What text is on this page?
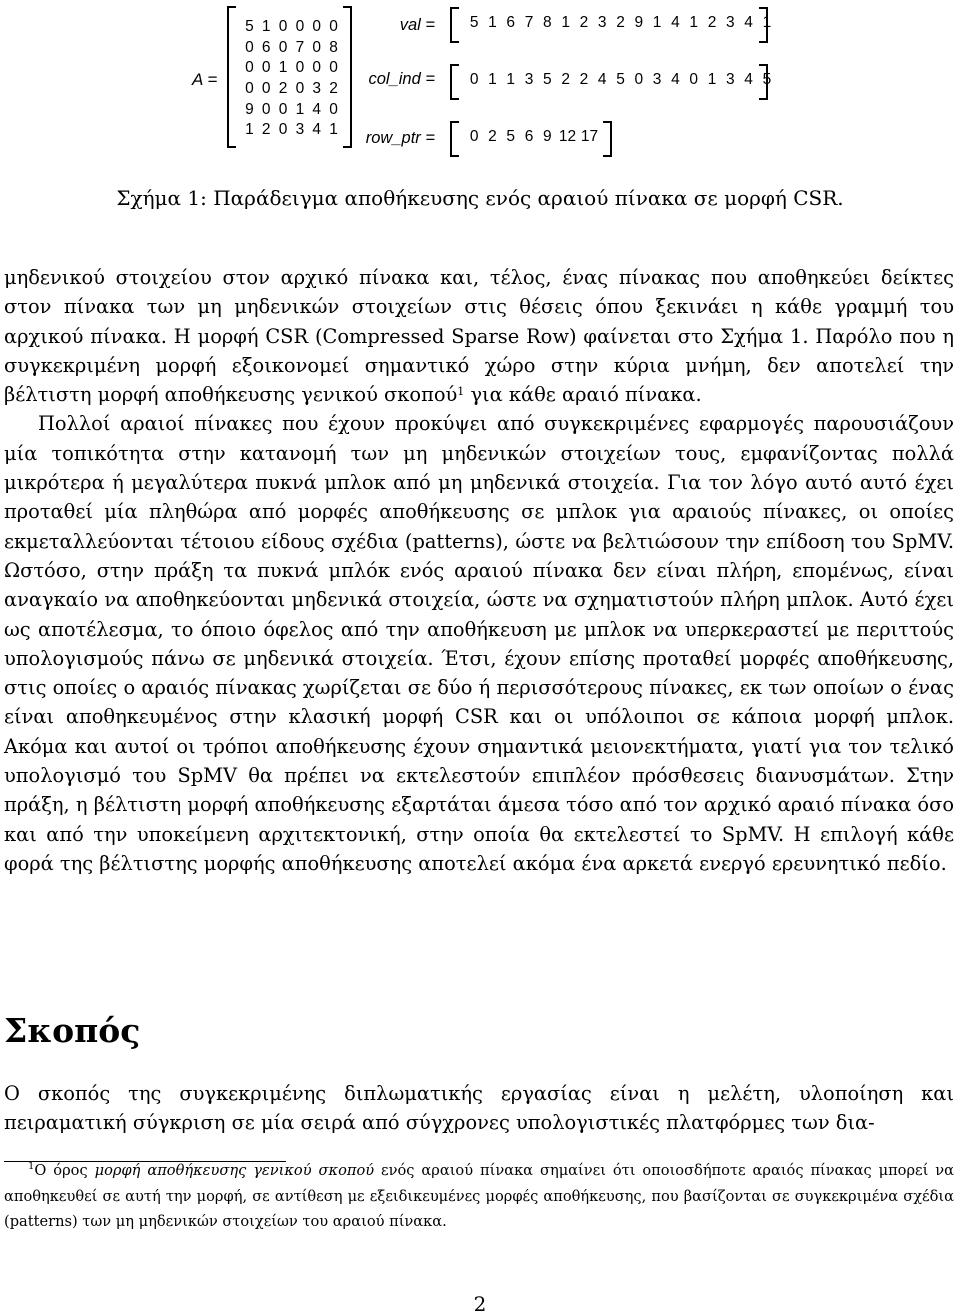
A =
5 1 0 0 0 0
0 6 0 7 0 8
0 0 1 0 0 0
0 0 2 0 3 2
9 0 0 1 4 0
1 2 0 3 4 1
val =	5 1 6 7 8 1 2 3 2 9 1 4 1 2 3 4 1
col_ind =	0 1 1 3 5 2 2 4 5 0 3 4 0 1 3 4 5
row_ptr =	0 2 5 6 9 12 17
Σχήμα 1: Παράδειγμα αποθήκευσης ενός αραιού πίνακα σε μορφή CSR.

μηδενικού στοιχείου στον αρχικό πίνακα και, τέλος, ένας πίνακας που αποθηκεύει δείκτες στον πίνακα των μη μηδενικών στοιχείων στις θέσεις όπου ξεκινάει η κάθε γραμμή του αρχικού πίνακα. Η μορφή CSR (Compressed Sparse Row) φαίνεται στο Σχήμα 1. Παρόλο που η συγκεκριμένη μορφή εξοικονομεί σημαντικό χώρο στην κύρια μνήμη, δεν αποτελεί την βέλτιστη μορφή αποθήκευσης γενικού σκοπού$^1$ για κάθε αραιό πίνακα.

Πολλοί αραιοί πίνακες που έχουν προκύψει από συγκεκριμένες εφαρμογές παρουσιάζουν μία τοπικότητα στην κατανομή των μη μηδενικών στοιχείων τους, εμφανίζοντας πολλά μικρότερα ή μεγαλύτερα πυκνά μπλοκ από μη μηδενικά στοιχεία. Για τον λόγο αυτό αυτό έχει προταθεί μία πληθώρα από μορφές αποθήκευσης σε μπλοκ για αραιούς πίνακες, οι οποίες εκμεταλλεύονται τέτοιου είδους σχέδια (patterns), ώστε να βελτιώσουν την επίδοση του SpMV. Ωστόσο, στην πράξη τα πυκνά μπλόκ ενός αραιού πίνακα δεν είναι πλήρη, επομένως, είναι αναγκαίο να αποθηκεύονται μηδενικά στοιχεία, ώστε να σχηματιστούν πλήρη μπλοκ. Αυτό έχει ως αποτέλεσμα, το όποιο όφελος από την αποθήκευση με μπλοκ να υπερκεραστεί με περιττούς υπολογισμούς πάνω σε μηδενικά στοιχεία. Έτσι, έχουν επίσης προταθεί μορφές αποθήκευσης, στις οποίες ο αραιός πίνακας χωρίζεται σε δύο ή περισσότερους πίνακες, εκ των οποίων ο ένας είναι αποθηκευμένος στην κλασική μορφή CSR και οι υπόλοιποι σε κάποια μορφή μπλοκ. Ακόμα και αυτοί οι τρόποι αποθήκευσης έχουν σημαντικά μειονεκτήματα, γιατί για τον τελικό υπολογισμό του SpMV θα πρέπει να εκτελεστούν επιπλέον πρόσθεσεις διανυσμάτων. Στην πράξη, η βέλτιστη μορφή αποθήκευσης εξαρτάται άμεσα τόσο από τον αρχικό αραιό πίνακα όσο και από την υποκείμενη αρχιτεκτονική, στην οποία θα εκτελεστεί το SpMV. Η επιλογή κάθε φορά της βέλτιστης μορφής αποθήκευσης αποτελεί ακόμα ένα αρκετά ενεργό ερευνητικό πεδίο.

Σκοπός

Ο σκοπός της συγκεκριμένης διπλωματικής εργασίας είναι η μελέτη, υλοποίηση και πειραματική σύγκριση σε μία σειρά από σύγχρονες υπολογιστικές πλατφόρμες των δια-

$^1$Ο όρος μορφή αποθήκευσης γενικού σκοπού ενός αραιού πίνακα σημαίνει ότι οποιοσδήποτε αραιός πίνακας μπορεί να αποθηκευθεί σε αυτή την μορφή, σε αντίθεση με εξειδικευμένες μορφές αποθήκευσης, που βασίζονται σε συγκεκριμένα σχέδια (patterns) των μη μηδενικών στοιχείων του αραιού πίνακα.

2
